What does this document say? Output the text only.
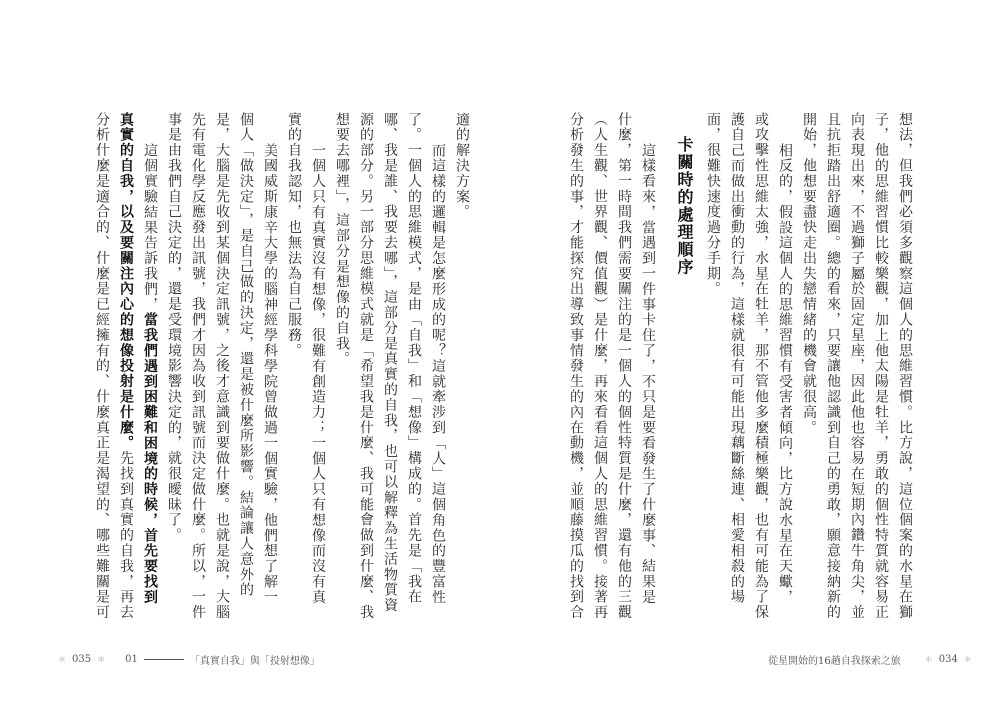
適的解決方案。
而這樣的邏輯是怎麼形成的呢？這就牽涉到「人」這個角色的豐富性
了。一個人的思維模式，是由「自我」和「想像」構成的。首先是「我在
哪、我是誰、我要去哪」，這部分是真實的自我，也可以解釋為生活物質資
源的部分。另一部分思維模式就是「希望我是什麼、我可能會做到什麼、我
想要去哪裡」，這部分是想像的自我。
一個人只有真實沒有想像，很難有創造力；一個人只有想像而沒有真
實的自我認知，也無法為自己服務。
美國威斯康辛大學的腦神經學科學院曾做過一個實驗，他們想了解一
個人「做決定」，是自己做的決定，還是被什麼所影響。結論讓人意外的
是，大腦是先收到某個決定訊號，之後才意識到要做什麼。也就是說，大腦
先有電化學反應發出訊號，我們才因為收到訊號而決定做什麼。所以，一件
事是由我們自己決定的，還是受環境影響決定的，就很曖昧了。
這個實驗結果告訴我們，當我們遇到困難和困境的時候，首先要找到
真實的自我，以及要關注內心的想像投射是什麼。先找到真實的自我，再去
分析什麼是適合的、什麼是已經擁有的、什麼真正是渴望的、哪些難關是可
＊ 035 ＊ 01	「真實自我」與「投射想像」
想法，但我們必須多觀察這個人的思維習慣。比方說，這位個案的水星在獅
子，他的思維習慣比較樂觀，加上他太陽是牡羊，勇敢的個性特質就容易正
向表現出來，不過獅子屬於固定星座，因此他也容易在短期內鑽牛角尖，並
且抗拒踏出舒適圈。總的看來，只要讓他認識到自己的勇敢，願意接納新的
開始，他想要盡快走出失戀情緒的機會就很高。
相反的，假設這個人的思維習慣有受害者傾向，比方說水星在天蠍，
或攻擊性思維太強，水星在牡羊，那不管他多麼積極樂觀，也有可能為了保
護自己而做出衝動的行為，這樣就很有可能出現藕斷絲連、相愛相殺的場
面，很難快速度過分手期。
這樣看來，當遇到一件事卡住了，不只是要看發生了什麼事、結果是
什麼，第一時間我們需要關注的是一個人的個性特質是什麼，還有他的三觀
（人生觀、世界觀、價值觀）是什麼，再來看看這個人的思維習慣。接著再
分析發生的事，才能探究出導致事情發生的內在動機，並順藤摸瓜的找到合	卡關時的處理順序
從星開始的16趟自我探索之旅	＊ 034 ＊
